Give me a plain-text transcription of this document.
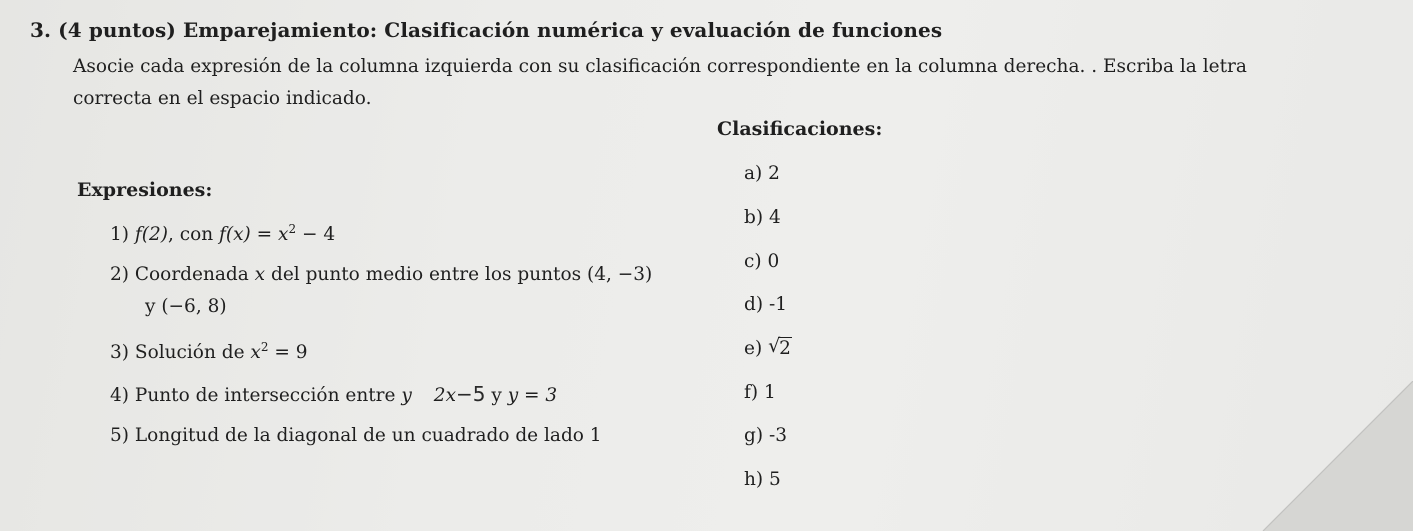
3. (4 puntos) Emparejamiento: Clasificación numérica y evaluación de funciones
Asocie cada expresión de la columna izquierda con su clasificación correspondiente en la columna derecha. . Escriba la letra
correcta en el espacio indicado.
Clasificaciones:
Expresiones:
1) f(2), con $f(x) = x^2 - 4$
2) Coordenada x del punto medio entre los puntos (4, −3)
y (−6, 8)
3) Solución de $x^2 = 9$
4) Punto de intersección entre y 2x−5 y y = 3
5) Longitud de la diagonal de un cuadrado de lado 1
a) 2
b) 4
c) 0
d) -1
e) √
2
f) 1
g) -3
h) 5
